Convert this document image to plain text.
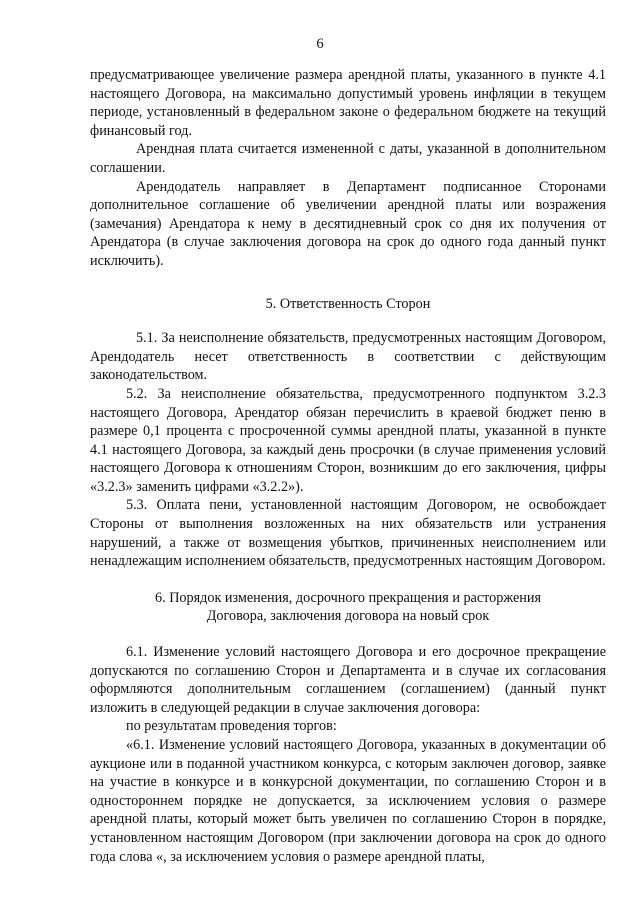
6

предусматривающее увеличение размера арендной платы, указанного в пункте 4.1 настоящего Договора, на максимально допустимый уровень инфляции в текущем периоде, установленный в федеральном законе о федеральном бюджете на текущий финансовый год.

Арендная плата считается измененной с даты, указанной в дополнительном соглашении.

Арендодатель направляет в Департамент подписанное Сторонами дополнительное соглашение об увеличении арендной платы или возражения (замечания) Арендатора к нему в десятидневный срок со дня их получения от Арендатора (в случае заключения договора на срок до одного года данный пункт исключить).

5. Ответственность Сторон

5.1. За неисполнение обязательств, предусмотренных настоящим Договором, Арендодатель несет ответственность в соответствии с действующим законодательством.

5.2. За неисполнение обязательства, предусмотренного подпунктом 3.2.3 настоящего Договора, Арендатор обязан перечислить в краевой бюджет пеню в размере 0,1 процента с просроченной суммы арендной платы, указанной в пункте 4.1 настоящего Договора, за каждый день просрочки (в случае применения условий настоящего Договора к отношениям Сторон, возникшим до его заключения, цифры «3.2.3» заменить цифрами «3.2.2»).

5.3. Оплата пени, установленной настоящим Договором, не освобождает Стороны от выполнения возложенных на них обязательств или устранения нарушений, а также от возмещения убытков, причиненных неисполнением или ненадлежащим исполнением обязательств, предусмотренных настоящим Договором.

6. Порядок изменения, досрочного прекращения и расторжения

Договора, заключения договора на новый срок

6.1. Изменение условий настоящего Договора и его досрочное прекращение допускаются по соглашению Сторон и Департамента и в случае их согласования оформляются дополнительным соглашением (соглашением) (данный пункт изложить в следующей редакции в случае заключения договора:

по результатам проведения торгов:

«6.1. Изменение условий настоящего Договора, указанных в документации об аукционе или в поданной участником конкурса, с которым заключен договор, заявке на участие в конкурсе и в конкурсной документации, по соглашению Сторон и в одностороннем порядке не допускается, за исключением условия о размере арендной платы, который может быть увеличен по соглашению Сторон в порядке, установленном настоящим Договором (при заключении договора на срок до одного года слова «, за исключением условия о размере арендной платы,
